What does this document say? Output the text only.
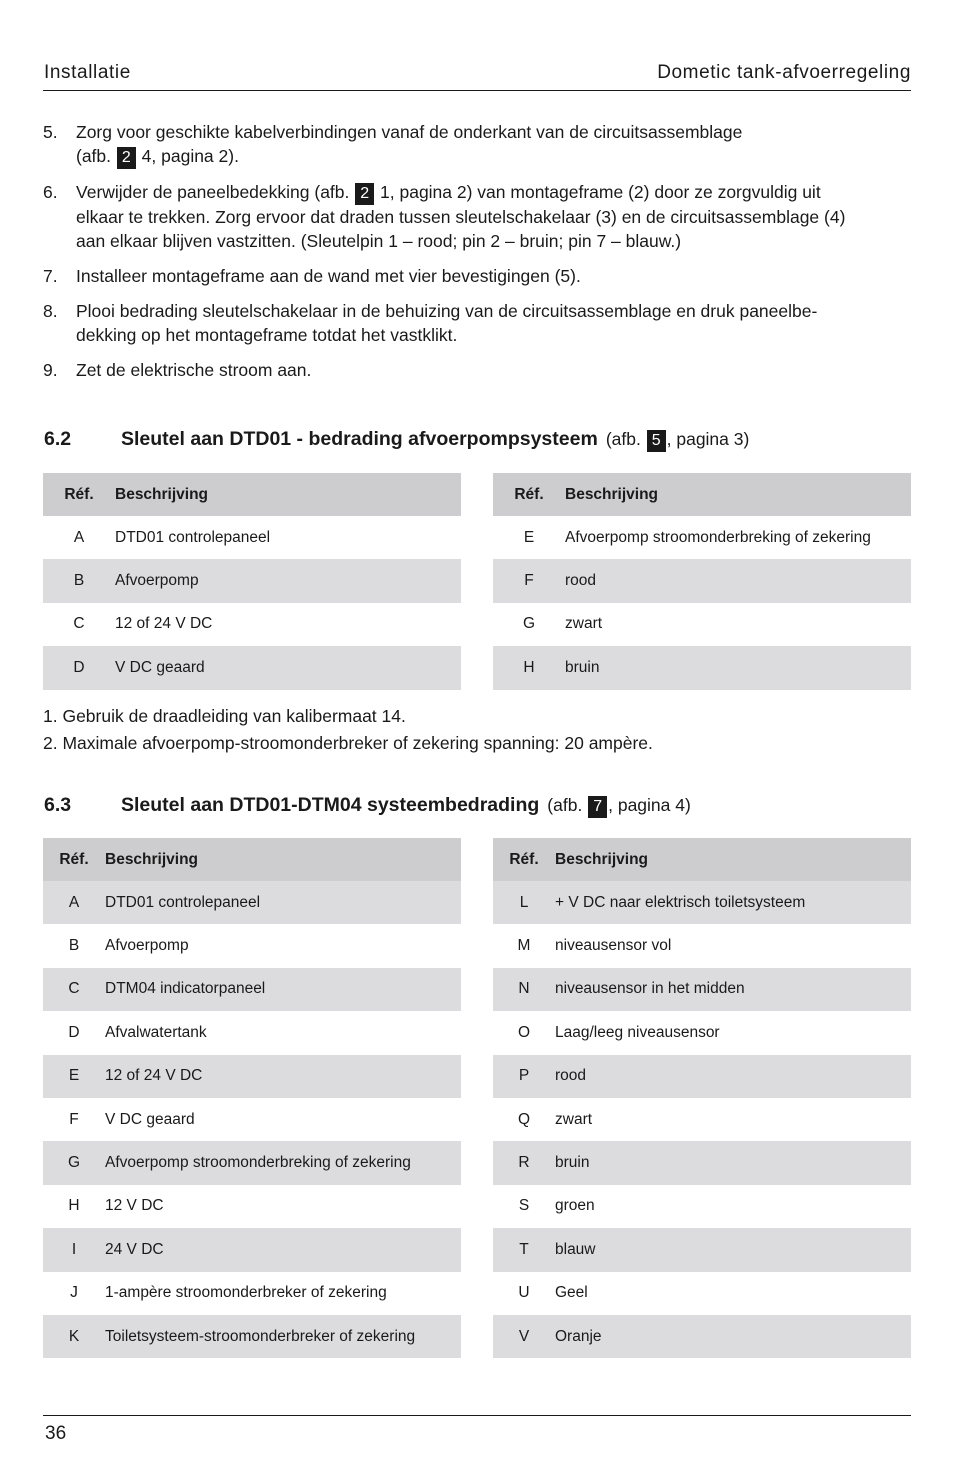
Installatie	Dometic tank-afvoerregeling
5. Zorg voor geschikte kabelverbindingen vanaf de onderkant van de circuitsassemblage
(afb. 2 4, pagina 2).
6. Verwijder de paneelbedekking (afb. 2 1, pagina 2) van montageframe (2) door ze zorgvuldig uit
elkaar te trekken. Zorg ervoor dat draden tussen sleutelschakelaar (3) en de circuitsassemblage (4)
aan elkaar blijven vastzitten. (Sleutelpin 1 – rood; pin 2 – bruin; pin 7 – blauw.)
7. Installeer montageframe aan de wand met vier bevestigingen (5).
8. Plooi bedrading sleutelschakelaar in de behuizing van de circuitsassemblage en druk paneelbe-
dekking op het montageframe totdat het vastklikt.
9. Zet de elektrische stroom aan.
6.2	Sleutel aan DTD01 - bedrading afvoerpompsysteem (afb. 5 , pagina 3)
Réf.	Beschrijving
A	DTD01 controlepaneel
B	Afvoerpomp
C	12 of 24 V DC
D	V DC geaard
Réf.	Beschrijving
E	Afvoerpomp stroomonderbreking of zekering
F	rood
G	zwart
H	bruin
1. Gebruik de draadleiding van kalibermaat 14.
2. Maximale afvoerpomp-stroomonderbreker of zekering spanning: 20 ampère.
6.3	Sleutel aan DTD01-DTM04 systeembedrading (afb. 7 , pagina 4)
Réf.	Beschrijving
A	DTD01 controlepaneel
B	Afvoerpomp
C	DTM04 indicatorpaneel
D	Afvalwatertank
E	12 of 24 V DC
F	V DC geaard
G	Afvoerpomp stroomonderbreking of zekering
H	12 V DC
I	24 V DC
J	1-ampère stroomonderbreker of zekering
K	Toiletsysteem-stroomonderbreker of zekering
Réf.	Beschrijving
L	+ V DC naar elektrisch toiletsysteem
M	niveausensor vol
N	niveausensor in het midden
O	Laag/leeg niveausensor
P	rood
Q	zwart
R	bruin
S	groen
T	blauw
U	Geel
V	Oranje
36
